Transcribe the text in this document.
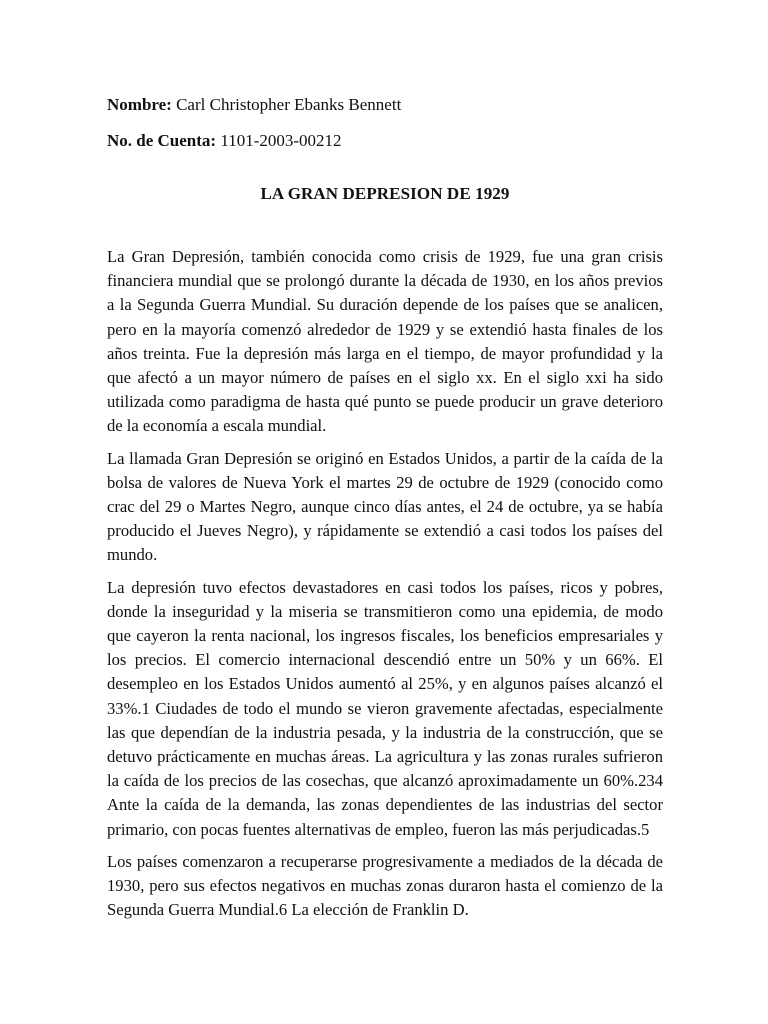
Nombre: Carl Christopher Ebanks Bennett
No. de Cuenta: 1101-2003-00212
LA GRAN DEPRESION DE 1929

La Gran Depresión, también conocida como crisis de 1929, fue una gran crisis financiera mundial que se prolongó durante la década de 1930, en los años previos a la Segunda Guerra Mundial. Su duración depende de los países que se analicen, pero en la mayoría comenzó alrededor de 1929 y se extendió hasta finales de los años treinta. Fue la depresión más larga en el tiempo, de mayor profundidad y la que afectó a un mayor número de países en el siglo xx. En el siglo xxi ha sido utilizada como paradigma de hasta qué punto se puede producir un grave deterioro de la economía a escala mundial.

La llamada Gran Depresión se originó en Estados Unidos, a partir de la caída de la bolsa de valores de Nueva York el martes 29 de octubre de 1929 (conocido como crac del 29 o Martes Negro, aunque cinco días antes, el 24 de octubre, ya se había producido el Jueves Negro), y rápidamente se extendió a casi todos los países del mundo.

La depresión tuvo efectos devastadores en casi todos los países, ricos y pobres, donde la inseguridad y la miseria se transmitieron como una epidemia, de modo que cayeron la renta nacional, los ingresos fiscales, los beneficios empresariales y los precios. El comercio internacional descendió entre un 50% y un 66%. El desempleo en los Estados Unidos aumentó al 25%, y en algunos países alcanzó el 33%.1 Ciudades de todo el mundo se vieron gravemente afectadas, especialmente las que dependían de la industria pesada, y la industria de la construcción, que se detuvo prácticamente en muchas áreas. La agricultura y las zonas rurales sufrieron la caída de los precios de las cosechas, que alcanzó aproximadamente un 60%.234 Ante la caída de la demanda, las zonas dependientes de las industrias del sector primario, con pocas fuentes alternativas de empleo, fueron las más perjudicadas.5

Los países comenzaron a recuperarse progresivamente a mediados de la década de 1930, pero sus efectos negativos en muchas zonas duraron hasta el comienzo de la Segunda Guerra Mundial.6 La elección de Franklin D.
